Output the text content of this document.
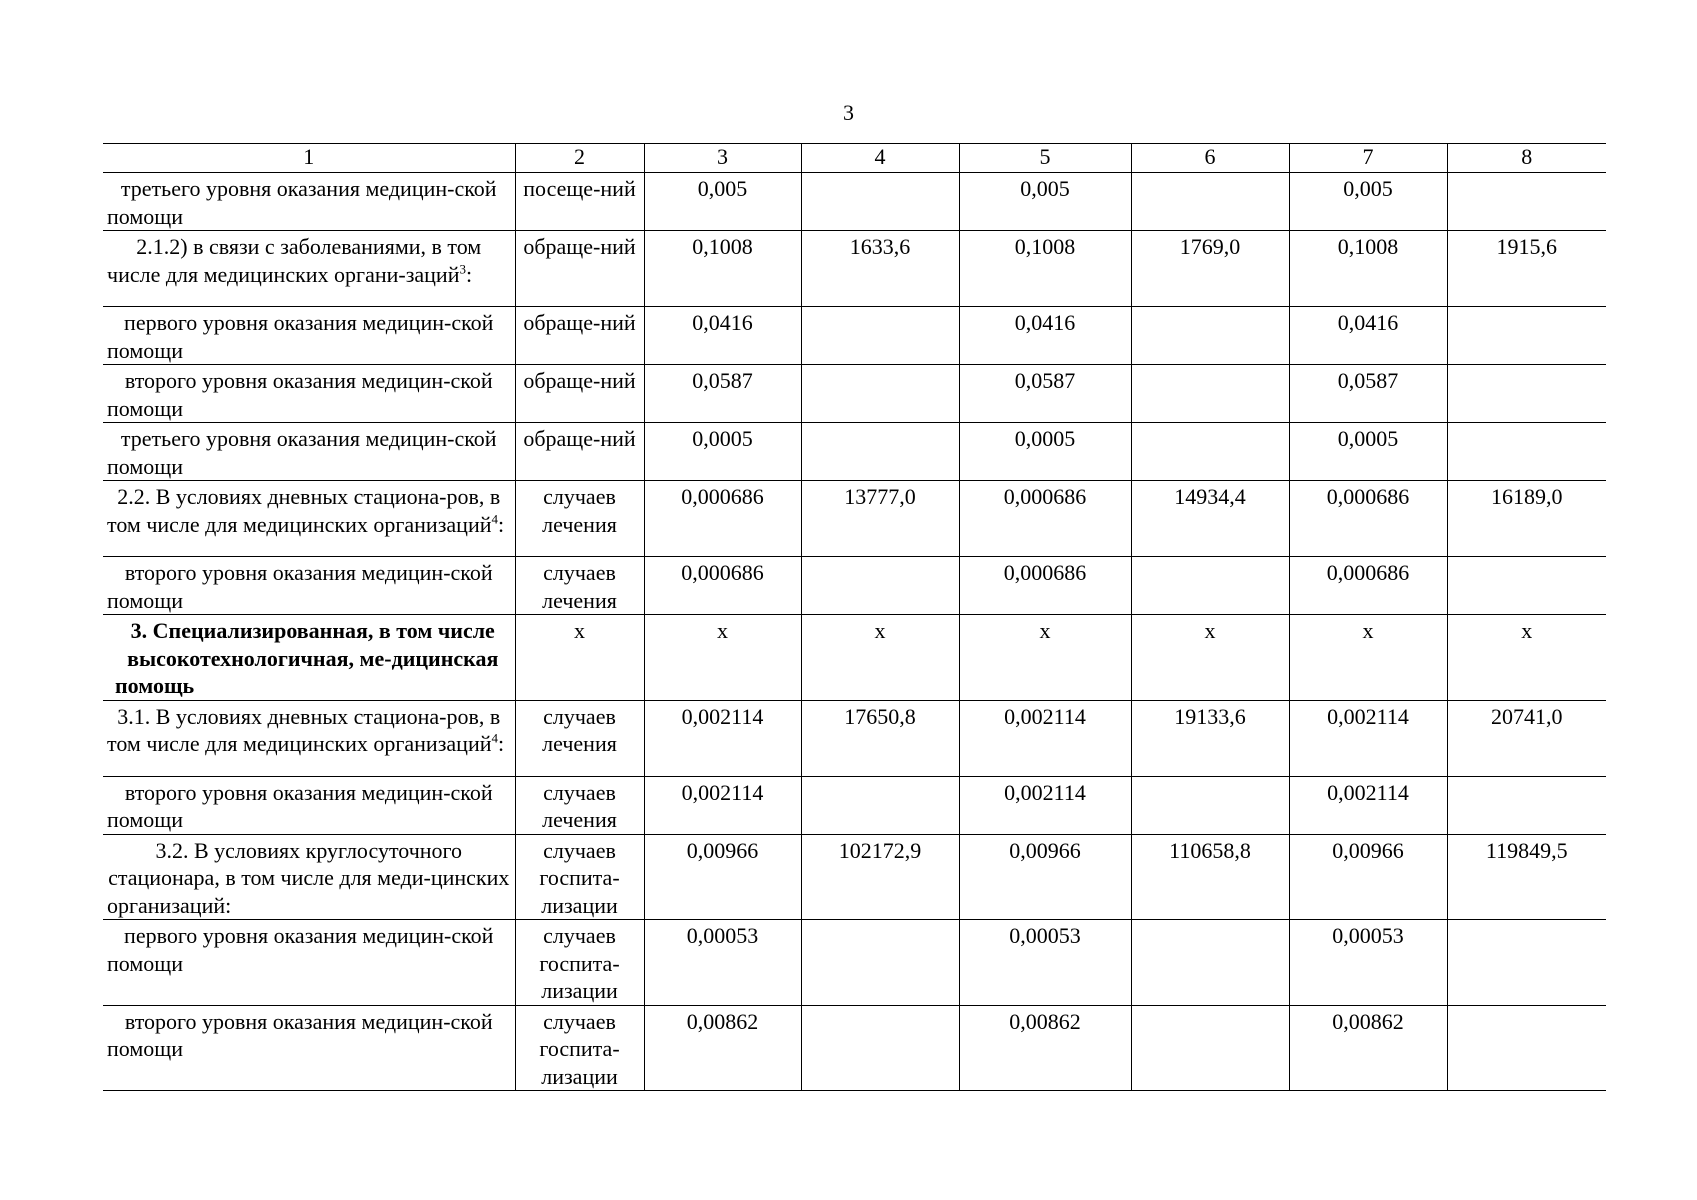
3
1	2	3	4	5	6	7	8
третьего уровня оказания медицин-ской помощи	посеще-ний	0,005		0,005		0,005	
2.1.2) в связи с заболеваниями, в том числе для медицинских органи-заций$^3$:	обраще-ний	0,1008	1633,6	0,1008	1769,0	0,1008	1915,6
первого уровня оказания медицин-ской помощи	обраще-ний	0,0416		0,0416		0,0416	
второго уровня оказания медицин-ской помощи	обраще-ний	0,0587		0,0587		0,0587	
третьего уровня оказания медицин-ской помощи	обраще-ний	0,0005		0,0005		0,0005	
2.2. В условиях дневных стациона-ров, в том числе для медицинских организаций$^4$:	случаев лечения	0,000686	13777,0	0,000686	14934,4	0,000686	16189,0
второго уровня оказания медицин-ской помощи	случаев лечения	0,000686		0,000686		0,000686	
3. Специализированная, в том числе высокотехнологичная, ме-дицинская помощь	х	х	х	х	х	х	х
3.1. В условиях дневных стациона-ров, в том числе для медицинских организаций$^4$:	случаев лечения	0,002114	17650,8	0,002114	19133,6	0,002114	20741,0
второго уровня оказания медицин-ской помощи	случаев лечения	0,002114		0,002114		0,002114	
3.2. В условиях круглосуточного стационара, в том числе для меди-цинских организаций:	случаев госпита-лизации	0,00966	102172,9	0,00966	110658,8	0,00966	119849,5
первого уровня оказания медицин-ской помощи	случаев госпита-лизации	0,00053		0,00053		0,00053	
второго уровня оказания медицин-ской помощи	случаев госпита-лизации	0,00862		0,00862		0,00862	
